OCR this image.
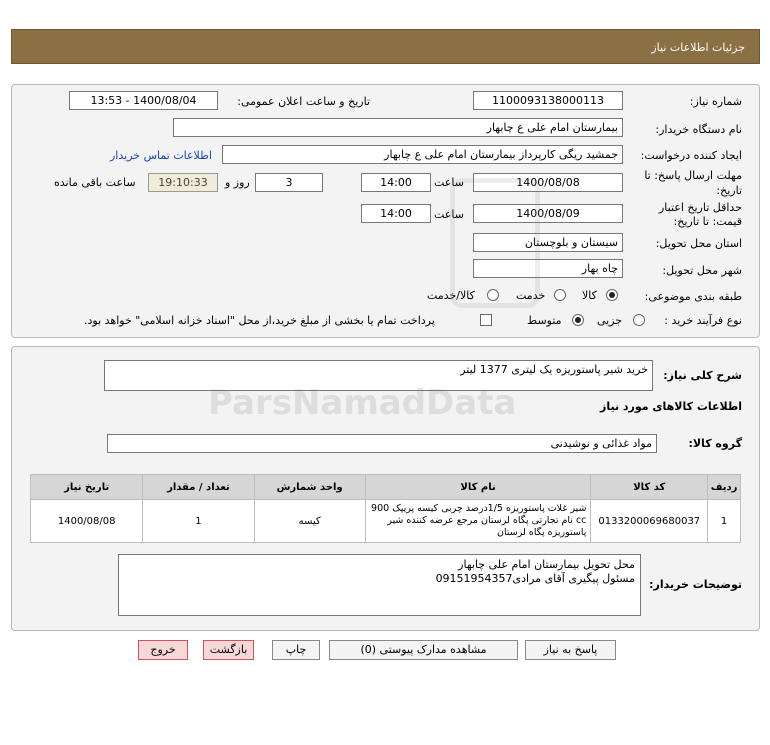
جزئیات اطلاعات نیاز
شماره نیاز:
1100093138000113
تاریخ و ساعت اعلان عمومی:
1400/08/04 - 13:53
نام دستگاه خریدار:
بیمارستان امام علی ع چابهار
ایجاد کننده درخواست:
جمشید ریگی کارپرداز بیمارستان امام علی ع چابهار
اطلاعات تماس خریدار
مهلت ارسال پاسخ: تا
تاریخ:
1400/08/08
ساعت
14:00
3
روز و
19:10:33
ساعت باقی مانده
حداقل تاریخ اعتبار
قیمت: تا تاریخ:
1400/08/09
ساعت
14:00
استان محل تحویل:
سیستان و بلوچستان
شهر محل تحویل:
چاه بهار
طبقه بندی موضوعی:
کالا
خدمت
کالا/خدمت
نوع فرآیند خرید :
جزیی
متوسط
پرداخت تمام یا بخشی از مبلغ خرید،از محل "اسناد خزانه اسلامی" خواهد بود.
شرح کلی نیاز:
خرید شیر پاستوریزه یک لیتری 1377 لیتر
اطلاعات کالاهای مورد نیاز
گروه کالا:
مواد غذائی و نوشیدنی
ردیف	کد کالا	نام کالا	واحد شمارش	تعداد / مقدار	تاریخ نیاز
1	0133200069680037	شیر غلات پاستوریزه 1/5درصد چربی کیسه پریپک 900 cc نام تجارتی پگاه لرستان مرجع عرضه کننده شیر پاستوریزه پگاه لرستان	کیسه	1	1400/08/08
توضیحات خریدار:
محل تحویل بیمارستان امام علی چابهار
مسئول پیگیری آقای مرادی09151954357
پاسخ به نیاز
مشاهده مدارک پیوستی (0)
چاپ
بازگشت
خروج
